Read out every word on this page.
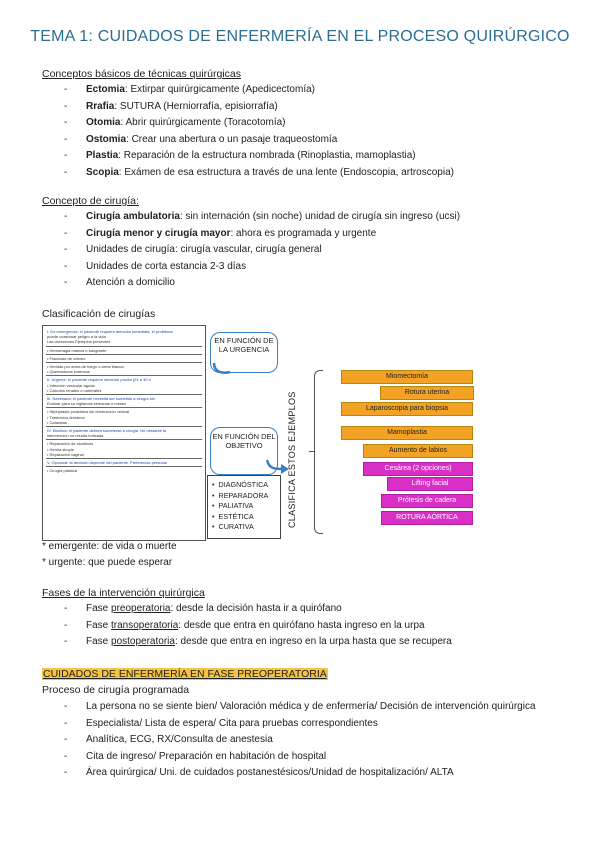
TEMA 1: CUIDADOS DE ENFERMERÍA EN EL PROCESO QUIRÚRGICO
Conceptos básicos de técnicas quirúrgicas
- Ectomia: Extirpar quirúrgicamente (Apedicectomía)
- Rrafia: SUTURA (Herniorrafía, episiorrafía)
- Otomia: Abrir quirúrgicamente (Toracotomía)
- Ostomia: Crear una abertura o un pasaje traqueostomía
- Plastia: Reparación de la estructura nombrada (Rinoplastia, mamoplastia)
- Scopia: Exámen de esa estructura a través de una lente (Endoscopia, artroscopia)
Concepto de cirugía:
- Cirugía ambulatoria: sin internación (sin noche) unidad de cirugía sin ingreso (ucsi)
- Cirugía menor y cirugía mayor: ahora es programada y urgente
- Unidades de cirugía: cirugía vascular, cirugía general
- Unidades de corta estancia 2-3 días
- Atención a domicilio
Clasificación de cirugías
I. De emergencia: el paciente requiere atención inmediata, el problema
puede ocasionar peligro a la vida
Las duraciones Ejemplos presentes
• Hemorragia masiva o sangrante
• Fracturas de cráneo
• Heridas por arma de fuego o arma blanca
• Quemaduras extensas
II. Urgente: el paciente requiere atención pronta (24 a 30 h
• Infección vesicular aguda
• Cálculos renales o ureterales
III. Necesaria: el paciente necesita ser sometido a cirugía sin
Evaluar para su vigilancia semanas o meses
• Hiperplasia prostática sin obstrucción vesical
• Trastornos tiroideos
• Cataratas
IV. Electiva: el paciente deberá someterse a cirugía. No obstante la
intervención no resulta indicada
• Reparación de cicatrices
• Hernia simple
• Reparación vaginal
V. Opcional: la decisión depende del paciente. Preferencia personal
• Cirugía plástica
EN FUNCIÓN DE LA URGENCIA
EN FUNCIÓN DEL OBJETIVO
• DIAGNÓSTICA
• REPARADORA
• PALIATIVA
• ESTÉTICA
• CURATIVA	CLASIFICA ESTOS EJEMPLOS
Miomectomía
Rotura uterina
Laparoscopia para biopsia
Mamoplastia
Aumento de labios
Cesárea (2 opciones)
Lifting facial
Prótesis de cadera
ROTURA AÓRTICA
* emergente: de vida o muerte
* urgente: que puede esperar
Fases de la intervención quirúrgica
- Fase preoperatoria: desde la decisión hasta ir a quirófano
- Fase transoperatoria: desde que entra en quirófano hasta ingreso en la urpa
- Fase postoperatoria: desde que entra en ingreso en la urpa hasta que se recupera
CUIDADOS DE ENFERMERÍA EN FASE PREOPERATORIA
Proceso de cirugía programada
- La persona no se siente bien/ Valoración médica y de enfermería/ Decisión de intervención quirúrgica
- Especialista/ Lista de espera/ Cita para pruebas correspondientes
- Analítica, ECG, RX/Consulta de anestesia
- Cita de ingreso/ Preparación en habitación de hospital
- Área quirúrgica/ Uni. de cuidados postanestésicos/Unidad de hospitalización/ ALTA
